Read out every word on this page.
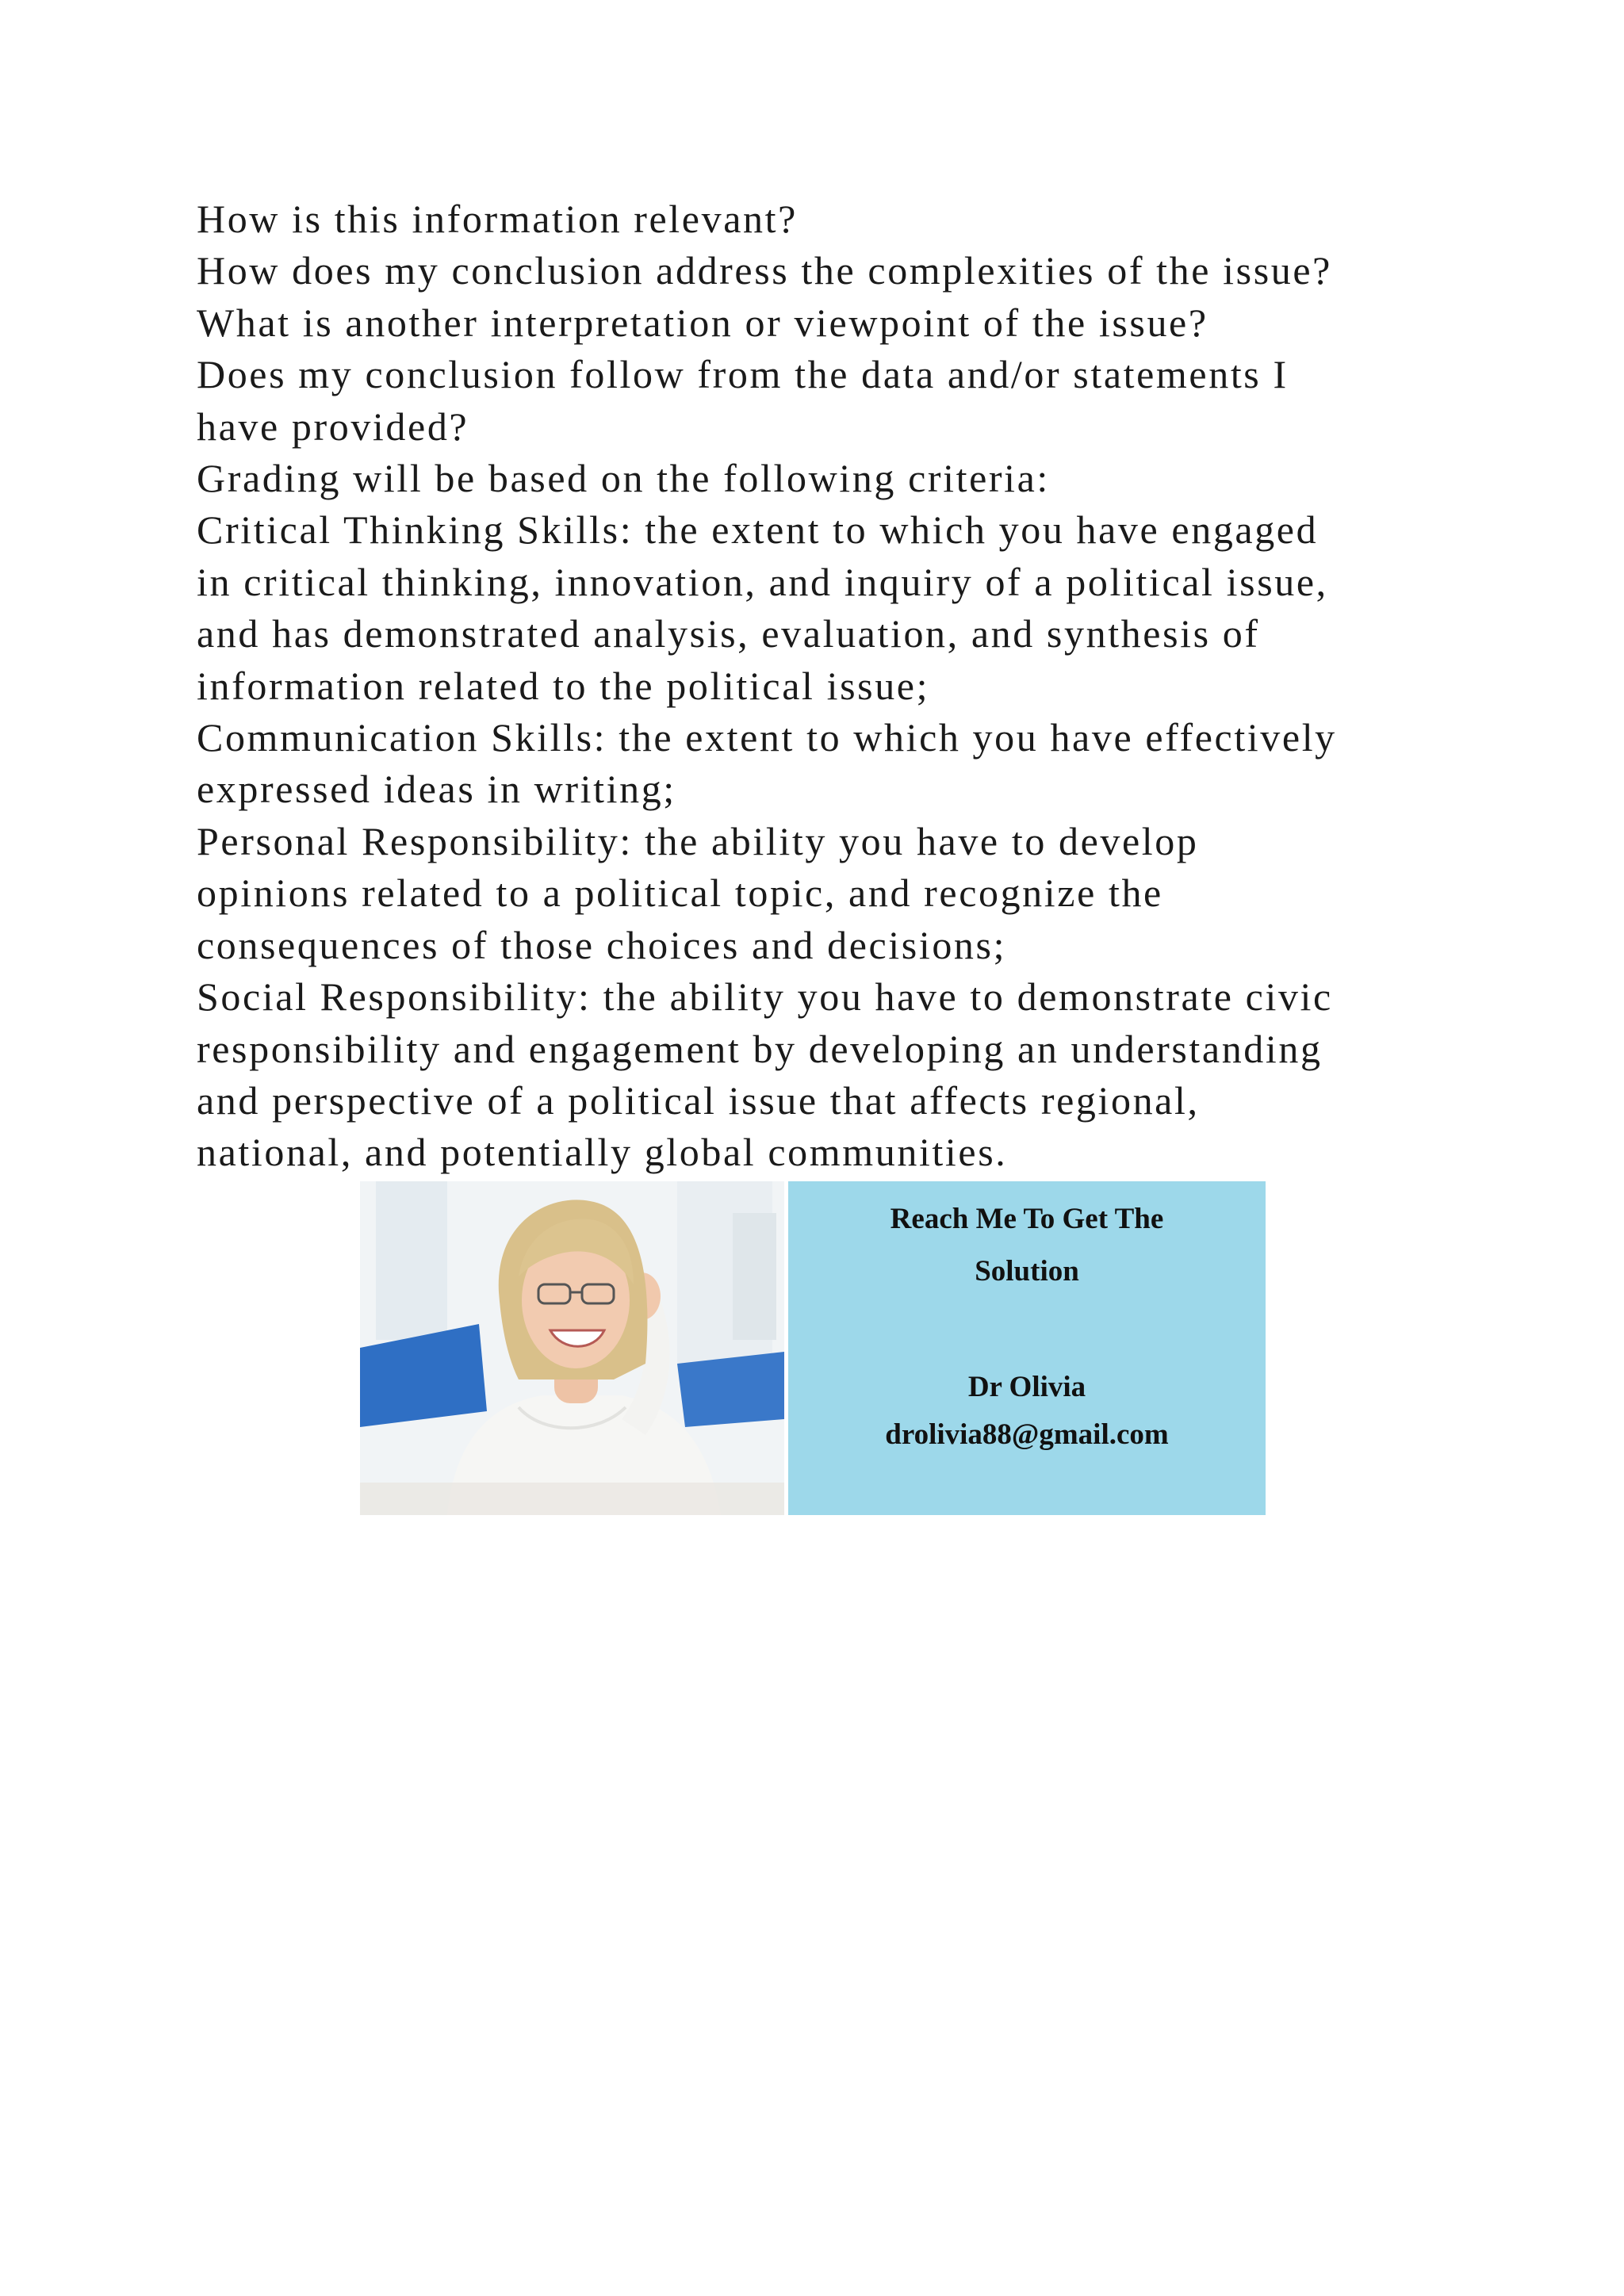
How is this information relevant?
How does my conclusion address the complexities of the issue?
What is another interpretation or viewpoint of the issue?
Does my conclusion follow from the data and/or statements I
have provided?
Grading will be based on the following criteria:
Critical Thinking Skills: the extent to which you have engaged
in critical thinking, innovation, and inquiry of a political issue,
and has demonstrated analysis, evaluation, and synthesis of
information related to the political issue;
Communication Skills: the extent to which you have effectively
expressed ideas in writing;
Personal Responsibility: the ability you have to develop
opinions related to a political topic, and recognize the
consequences of those choices and decisions;
Social Responsibility: the ability you have to demonstrate civic
responsibility and engagement by developing an understanding
and perspective of a political issue that affects regional,
national, and potentially global communities.
Reach Me To Get The
Solution
Dr Olivia
drolivia88@gmail.com
